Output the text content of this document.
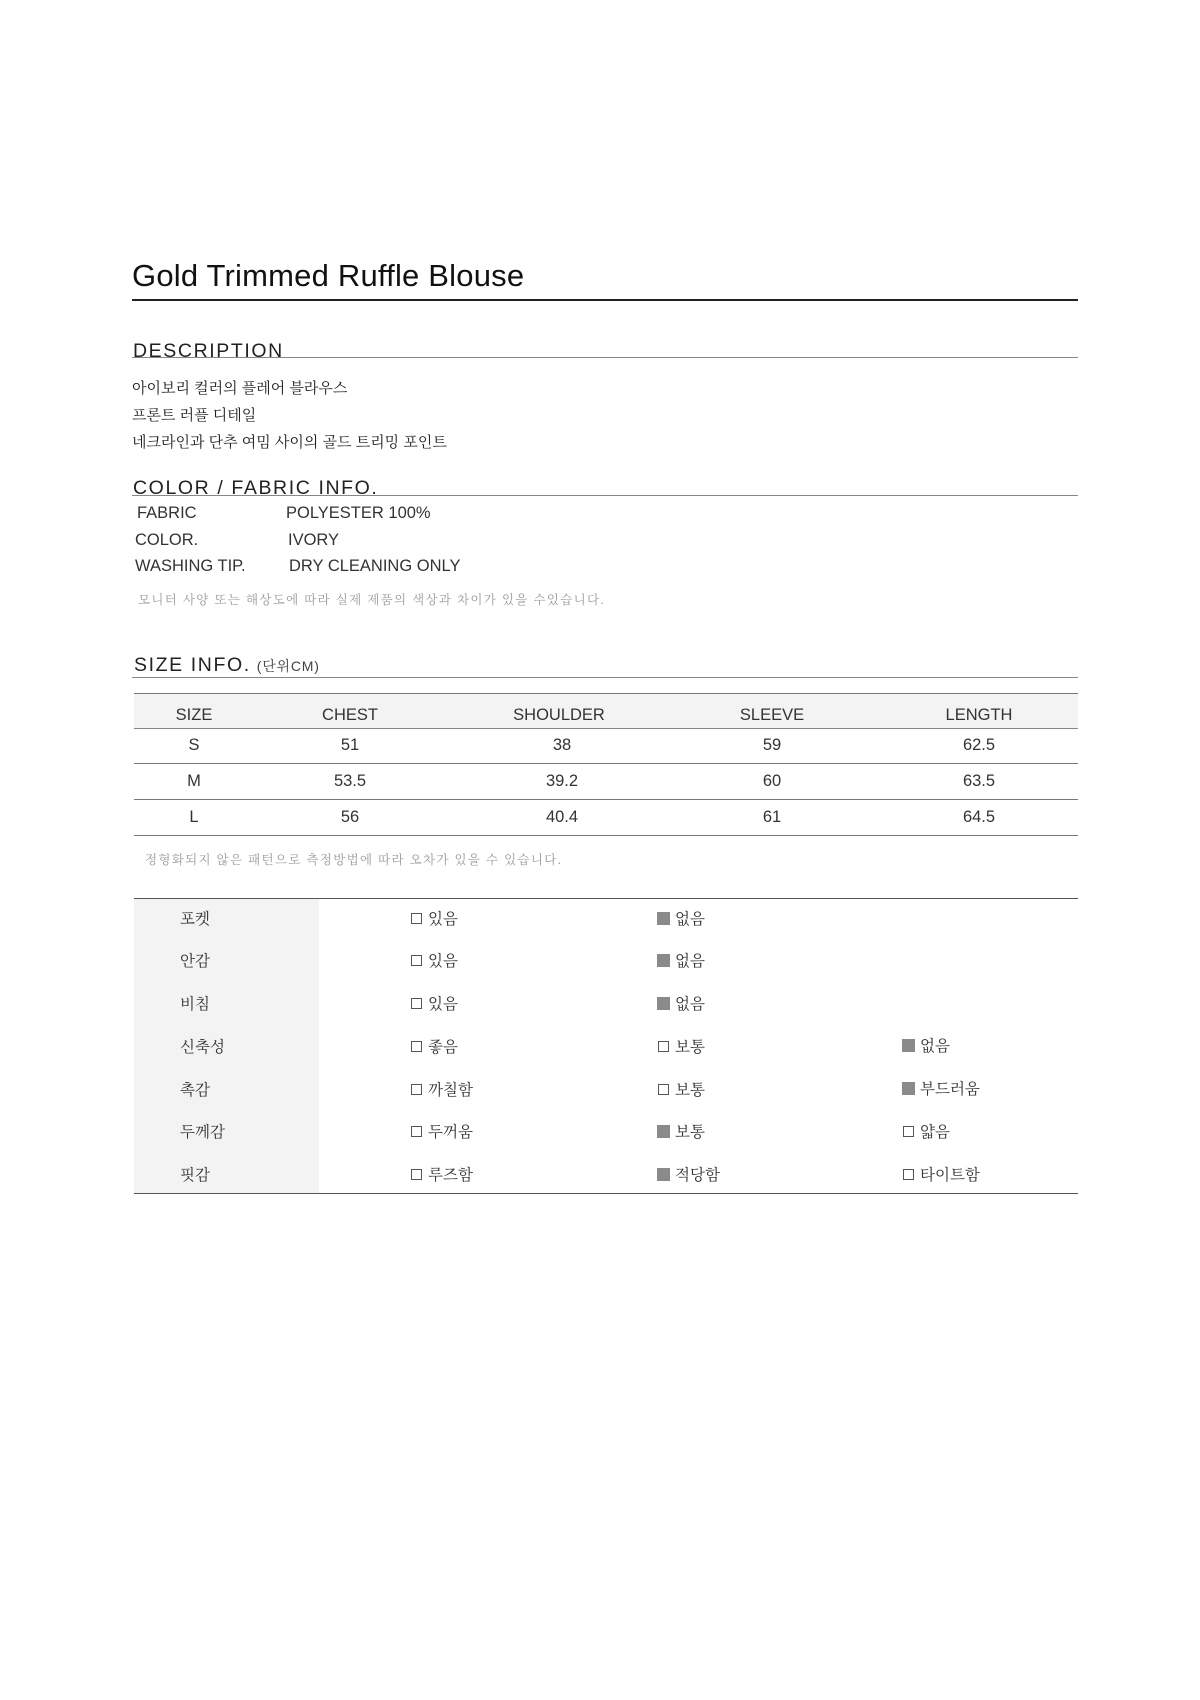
Gold Trimmed Ruffle Blouse
DESCRIPTION
아이보리 컬러의 플레어 블라우스
프론트 러플 디테일
네크라인과 단추 여밈 사이의 골드 트리밍 포인트
COLOR / FABRIC INFO.
FABRIC	POLYESTER 100%
COLOR.	IVORY
WASHING TIP.	DRY CLEANING ONLY
모니터 사양 또는 해상도에 따라 실제 제품의 색상과 차이가 있을 수있습니다.
SIZE INFO. (단위CM)
SIZE	CHEST	SHOULDER	SLEEVE	LENGTH
S	51	38	59	62.5
M	53.5	39.2	60	63.5
L	56	40.4	61	64.5
정형화되지 않은 패턴으로 측정방법에 따라 오차가 있을 수 있습니다.
포켓	있음	없음
안감	있음	없음
비침	있음	없음
신축성	좋음	보통	없음
촉감	까칠함	보통	부드러움
두께감	두꺼움	보통	얇음
핏감	루즈함	적당함	타이트함
